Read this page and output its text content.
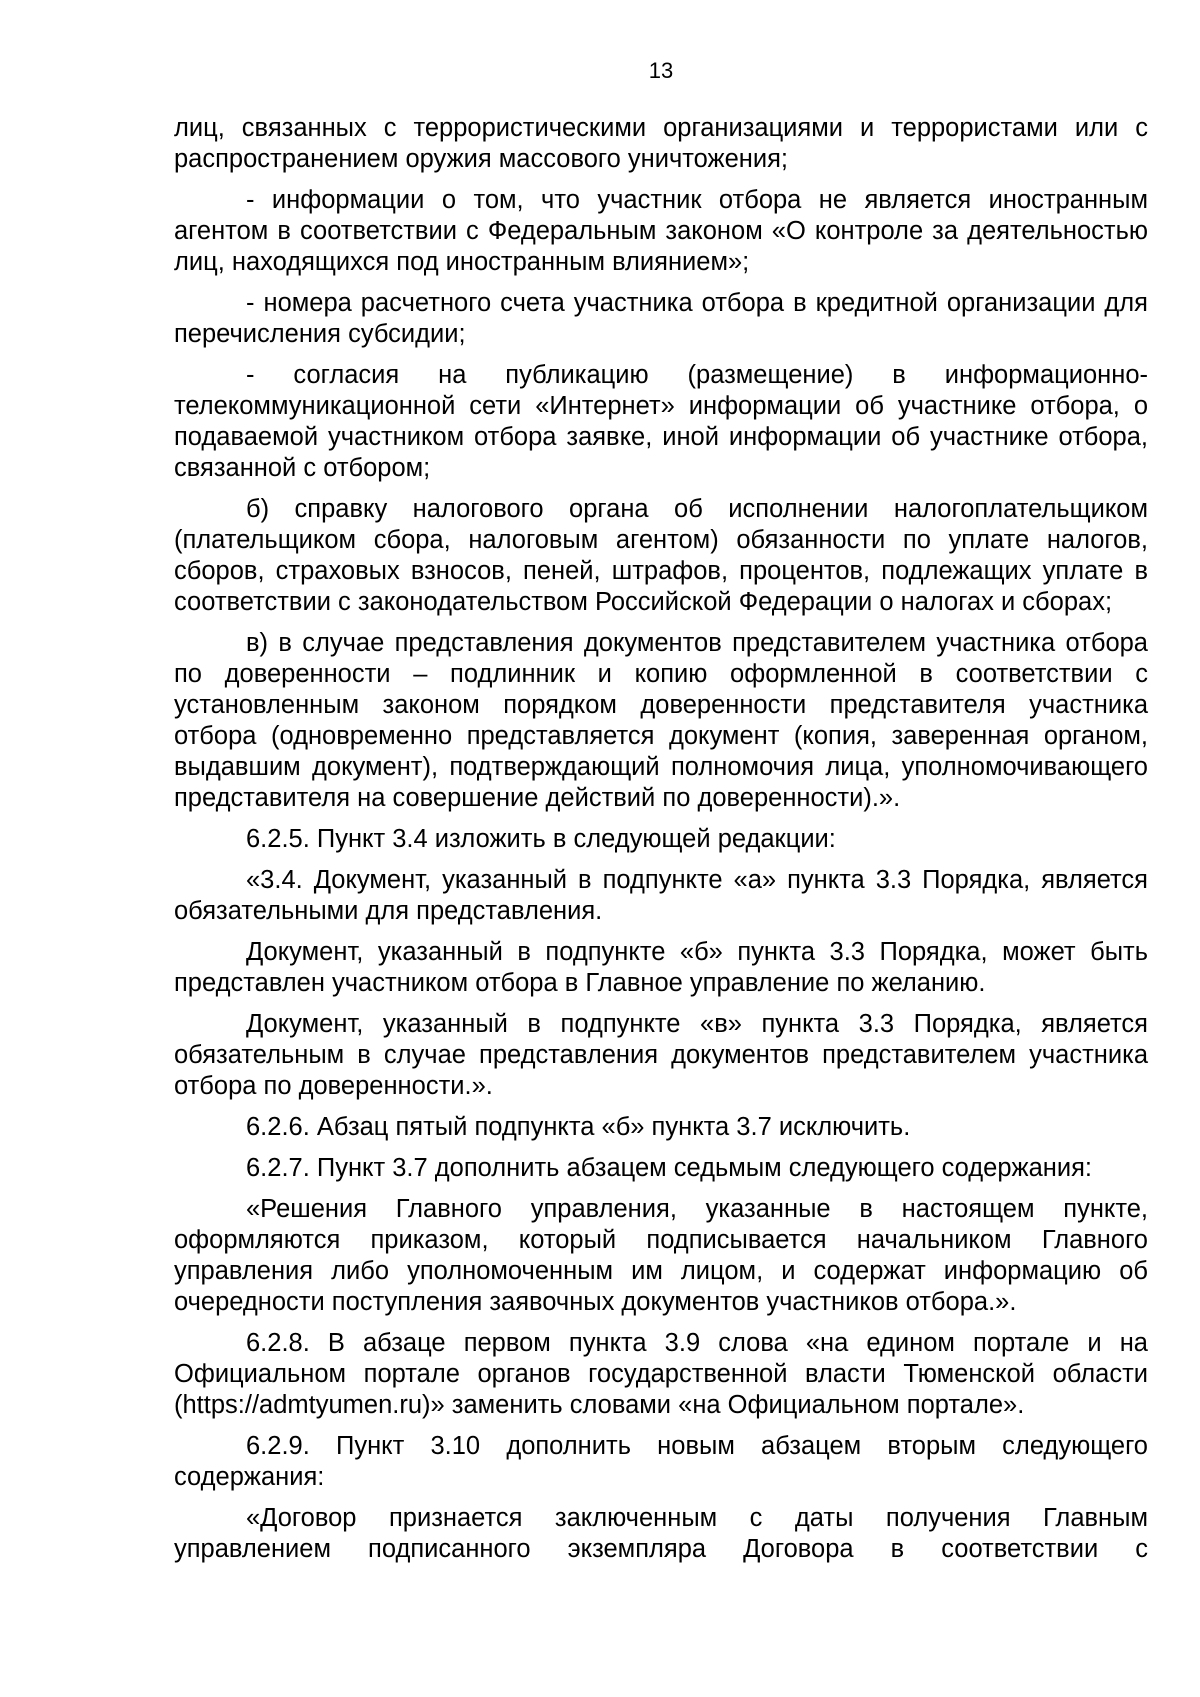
13

лиц, связанных с террористическими организациями и террористами или с распространением оружия массового уничтожения;

- информации о том, что участник отбора не является иностранным агентом в соответствии с Федеральным законом «О контроле за деятельностью лиц, находящихся под иностранным влиянием»;

- номера расчетного счета участника отбора в кредитной организации для перечисления субсидии;

- согласия на публикацию (размещение) в информационно-телекоммуникационной сети «Интернет» информации об участнике отбора, о подаваемой участником отбора заявке, иной информации об участнике отбора, связанной с отбором;

б) справку налогового органа об исполнении налогоплательщиком (плательщиком сбора, налоговым агентом) обязанности по уплате налогов, сборов, страховых взносов, пеней, штрафов, процентов, подлежащих уплате в соответствии с законодательством Российской Федерации о налогах и сборах;

в) в случае представления документов представителем участника отбора по доверенности – подлинник и копию оформленной в соответствии с установленным законом порядком доверенности представителя участника отбора (одновременно представляется документ (копия, заверенная органом, выдавшим документ), подтверждающий полномочия лица, уполномочивающего представителя на совершение действий по доверенности).».

6.2.5. Пункт 3.4 изложить в следующей редакции:

«3.4. Документ, указанный в подпункте «а» пункта 3.3 Порядка, является обязательными для представления.

Документ, указанный в подпункте «б» пункта 3.3 Порядка, может быть представлен участником отбора в Главное управление по желанию.

Документ, указанный в подпункте «в» пункта 3.3 Порядка, является обязательным в случае представления документов представителем участника отбора по доверенности.».

6.2.6. Абзац пятый подпункта «б» пункта 3.7 исключить.

6.2.7. Пункт 3.7 дополнить абзацем седьмым следующего содержания:

«Решения Главного управления, указанные в настоящем пункте, оформляются приказом, который подписывается начальником Главного управления либо уполномоченным им лицом, и содержат информацию об очередности поступления заявочных документов участников отбора.».

6.2.8. В абзаце первом пункта 3.9 слова «на едином портале и на Официальном портале органов государственной власти Тюменской области (https://admtyumen.ru)» заменить словами «на Официальном портале».

6.2.9. Пункт 3.10 дополнить новым абзацем вторым следующего содержания:

«Договор признается заключенным с даты получения Главным управлением подписанного экземпляра Договора в соответствии с
